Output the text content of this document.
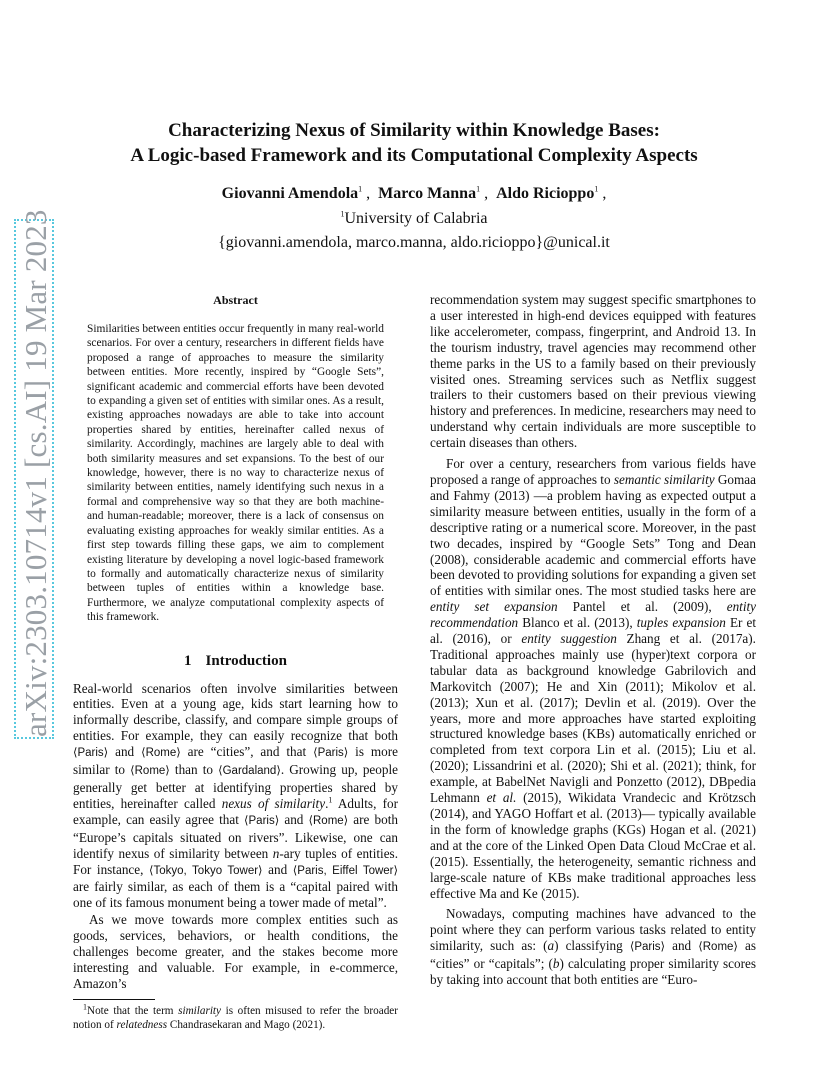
arXiv:2303.10714v1 [cs.AI] 19 Mar 2023

Characterizing Nexus of Similarity within Knowledge Bases:

A Logic-based Framework and its Computational Complexity Aspects

Giovanni Amendola$^1$ ,  Marco Manna$^1$ ,  Aldo Ricioppo$^1$ ,
$^1$University of Calabria
{giovanni.amendola, marco.manna, aldo.ricioppo}@unical.it

Abstract

Similarities between entities occur frequently in many real-world scenarios. For over a century, researchers in different fields have proposed a range of approaches to measure the similarity between entities. More recently, inspired by “Google Sets”, significant academic and commercial efforts have been devoted to expanding a given set of entities with similar ones. As a result, existing approaches nowadays are able to take into account properties shared by entities, hereinafter called nexus of similarity. Accordingly, machines are largely able to deal with both similarity measures and set expansions. To the best of our knowledge, however, there is no way to characterize nexus of similarity between entities, namely identifying such nexus in a formal and comprehensive way so that they are both machine- and human-readable; moreover, there is a lack of consensus on evaluating existing approaches for weakly similar entities. As a first step towards filling these gaps, we aim to complement existing literature by developing a novel logic-based framework to formally and automatically characterize nexus of similarity between tuples of entities within a knowledge base. Furthermore, we analyze computational complexity aspects of this framework.

1 Introduction

Real-world scenarios often involve similarities between entities. Even at a young age, kids start learning how to informally describe, classify, and compare simple groups of entities. For example, they can easily recognize that both ⟨Paris⟩ and ⟨Rome⟩ are “cities”, and that ⟨Paris⟩ is more similar to ⟨Rome⟩ than to ⟨Gardaland⟩. Growing up, people generally get better at identifying properties shared by entities, hereinafter called nexus of similarity.$^1$ Adults, for example, can easily agree that ⟨Paris⟩ and ⟨Rome⟩ are both “Europe’s capitals situated on rivers”. Likewise, one can identify nexus of similarity between n-ary tuples of entities. For instance, ⟨Tokyo, Tokyo Tower⟩ and ⟨Paris, Eiffel Tower⟩ are fairly similar, as each of them is a “capital paired with one of its famous monument being a tower made of metal”.

As we move towards more complex entities such as goods, services, behaviors, or health conditions, the challenges become greater, and the stakes become more interesting and valuable. For example, in e-commerce, Amazon’s

$^1$Note that the term similarity is often misused to refer the broader notion of relatedness Chandrasekaran and Mago (2021).

recommendation system may suggest specific smartphones to a user interested in high-end devices equipped with features like accelerometer, compass, fingerprint, and Android 13. In the tourism industry, travel agencies may recommend other theme parks in the US to a family based on their previously visited ones. Streaming services such as Netflix suggest trailers to their customers based on their previous viewing history and preferences. In medicine, researchers may need to understand why certain individuals are more susceptible to certain diseases than others.

For over a century, researchers from various fields have proposed a range of approaches to semantic similarity Gomaa and Fahmy (2013) —a problem having as expected output a similarity measure between entities, usually in the form of a descriptive rating or a numerical score. Moreover, in the past two decades, inspired by “Google Sets” Tong and Dean (2008), considerable academic and commercial efforts have been devoted to providing solutions for expanding a given set of entities with similar ones. The most studied tasks here are entity set expansion Pantel et al. (2009), entity recommendation Blanco et al. (2013), tuples expansion Er et al. (2016), or entity suggestion Zhang et al. (2017a). Traditional approaches mainly use (hyper)text corpora or tabular data as background knowledge Gabrilovich and Markovitch (2007); He and Xin (2011); Mikolov et al. (2013); Xun et al. (2017); Devlin et al. (2019). Over the years, more and more approaches have started exploiting structured knowledge bases (KBs) automatically enriched or completed from text corpora Lin et al. (2015); Liu et al. (2020); Lissandrini et al. (2020); Shi et al. (2021); think, for example, at BabelNet Navigli and Ponzetto (2012), DBpedia Lehmann et al. (2015), Wikidata Vrandecic and Krötzsch (2014), and YAGO Hoffart et al. (2013)— typically available in the form of knowledge graphs (KGs) Hogan et al. (2021) and at the core of the Linked Open Data Cloud McCrae et al. (2015). Essentially, the heterogeneity, semantic richness and large-scale nature of KBs make traditional approaches less effective Ma and Ke (2015).

Nowadays, computing machines have advanced to the point where they can perform various tasks related to entity similarity, such as: (a) classifying ⟨Paris⟩ and ⟨Rome⟩ as “cities” or “capitals”; (b) calculating proper similarity scores by taking into account that both entities are “Euro-
